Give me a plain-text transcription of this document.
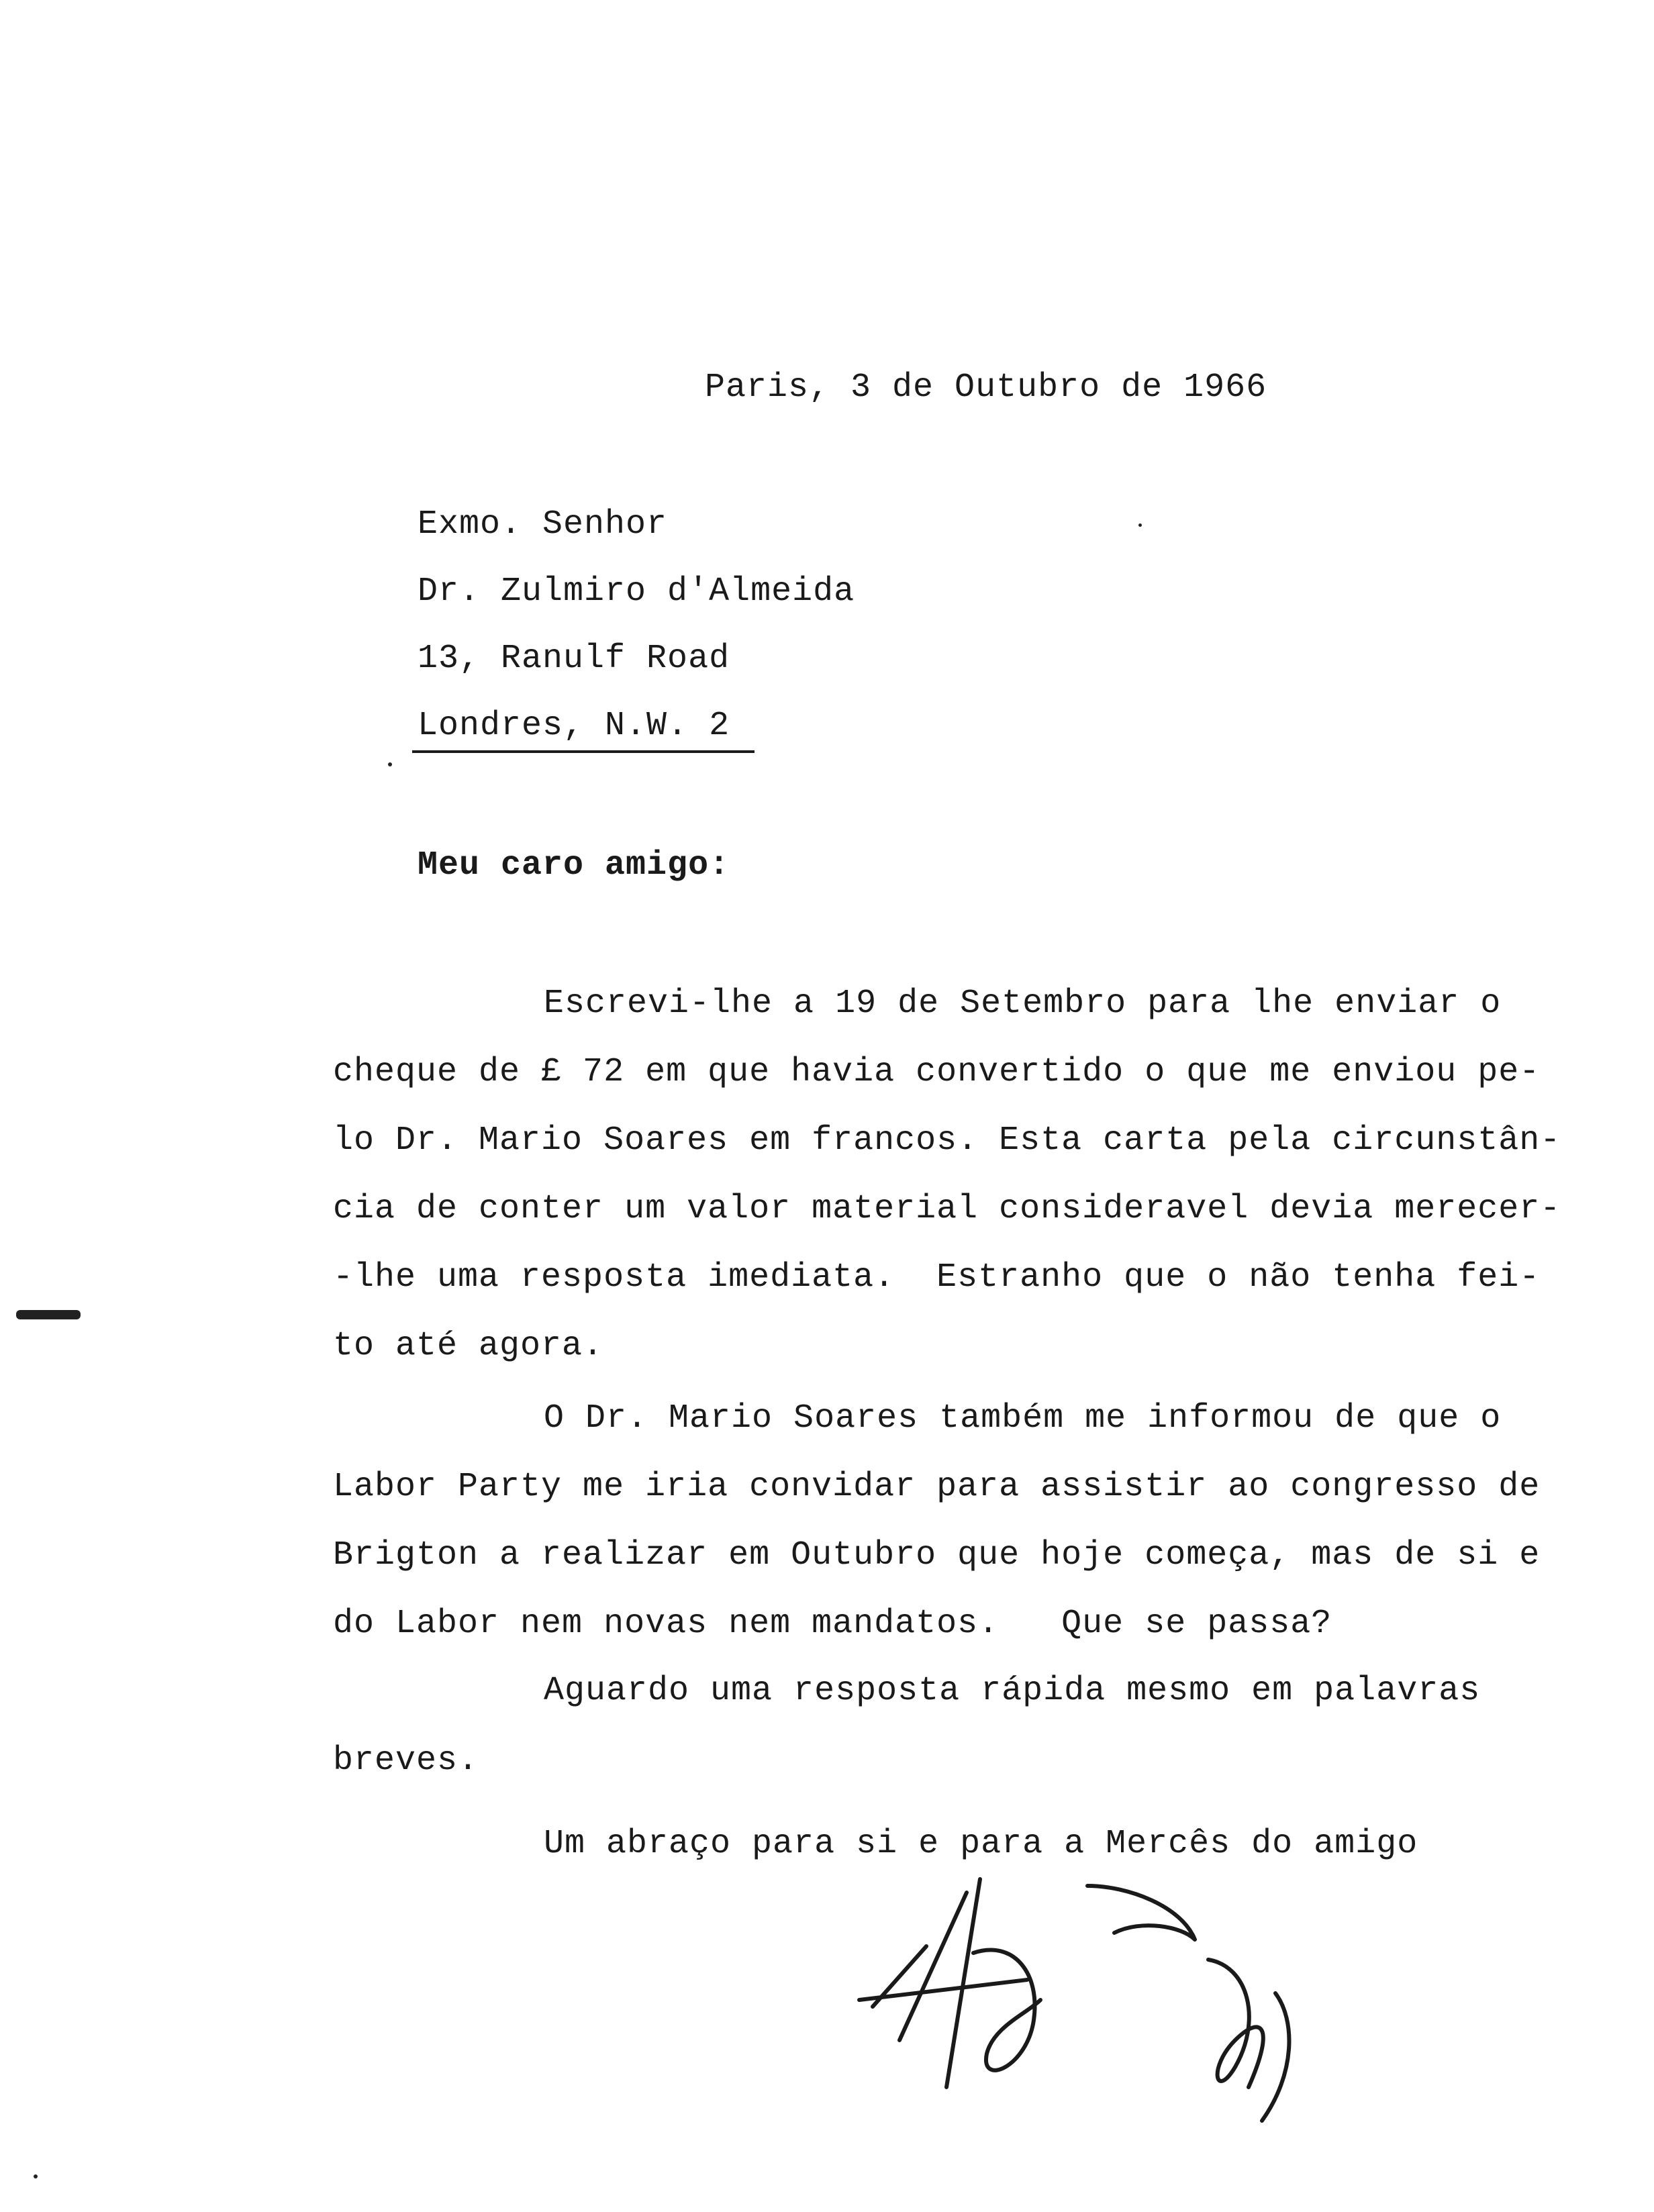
Paris, 3 de Outubro de 1966
Exmo. Senhor
Dr. Zulmiro d'Almeida
13, Ranulf Road
Londres, N.W. 2
Meu caro amigo:
Escrevi-lhe a 19 de Setembro para lhe enviar o
cheque de £ 72 em que havia convertido o que me enviou pe-
lo Dr. Mario Soares em francos. Esta carta pela circunstân-
cia de conter um valor material consideravel devia merecer-
-lhe uma resposta imediata.  Estranho que o não tenha fei-
to até agora.
O Dr. Mario Soares também me informou de que o
Labor Party me iria convidar para assistir ao congresso de
Brigton a realizar em Outubro que hoje começa, mas de si e
do Labor nem novas nem mandatos.   Que se passa?
Aguardo uma resposta rápida mesmo em palavras
breves.
Um abraço para si e para a Mercês do amigo
